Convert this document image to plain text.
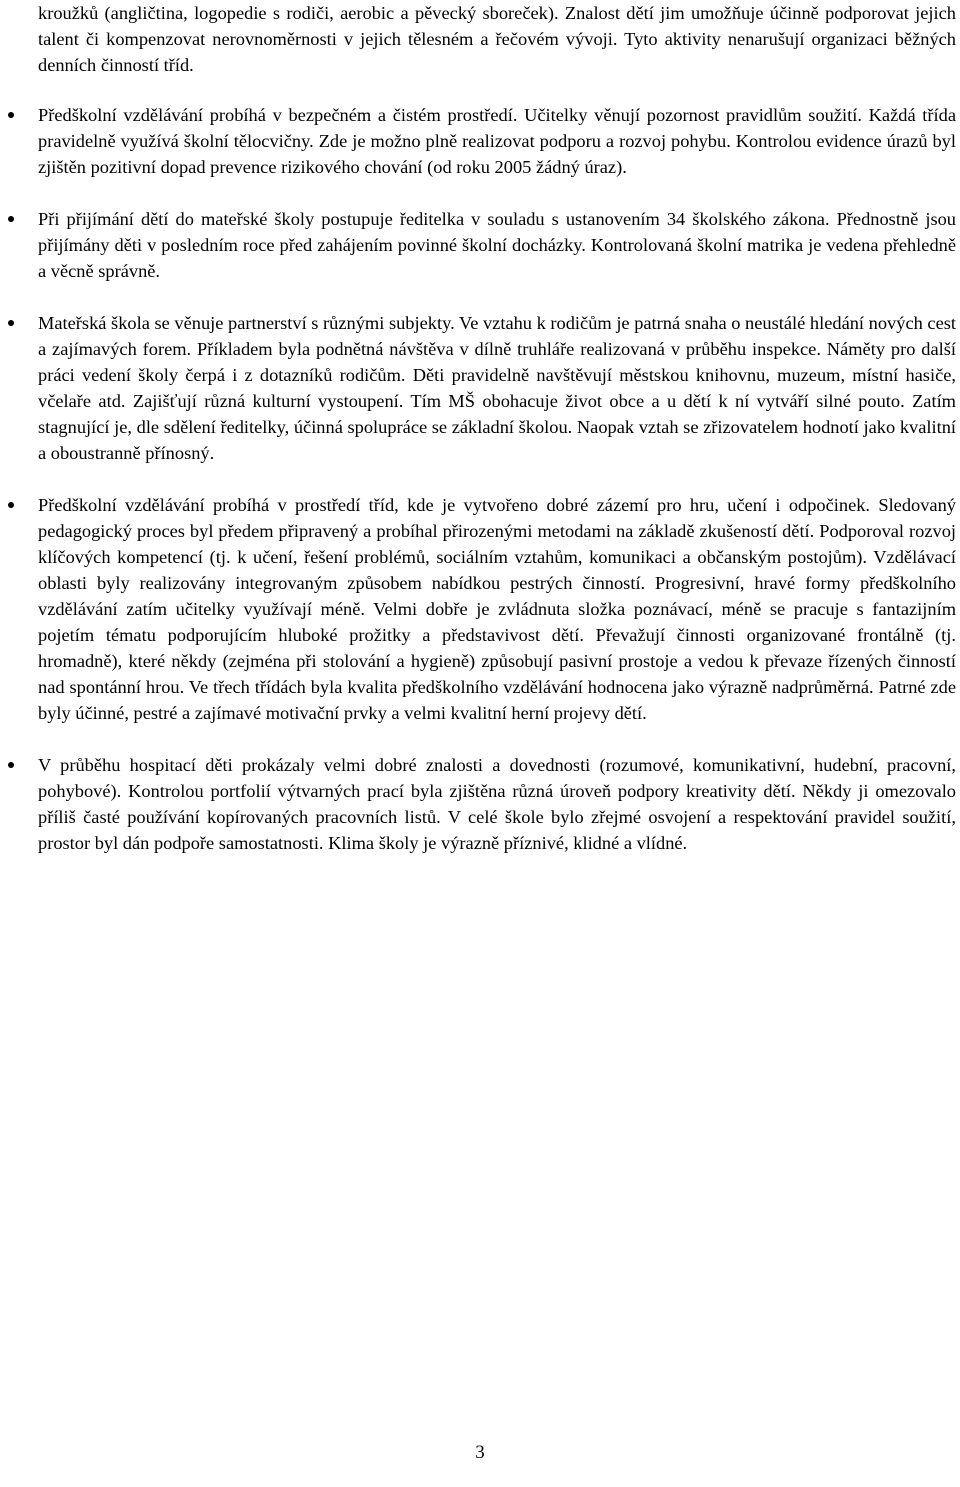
kroužků (angličtina, logopedie s rodiči, aerobic a pěvecký sboreček). Znalost dětí jim umožňuje účinně podporovat jejich talent či kompenzovat nerovnoměrnosti v jejich tělesném a řečovém vývoji. Tyto aktivity nenarušují organizaci běžných denních činností tříd.

Předškolní vzdělávání probíhá v bezpečném a čistém prostředí. Učitelky věnují pozornost pravidlům soužití. Každá třída pravidelně využívá školní tělocvičny. Zde je možno plně realizovat podporu a rozvoj pohybu. Kontrolou evidence úrazů byl zjištěn pozitivní dopad prevence rizikového chování (od roku 2005 žádný úraz).
Při přijímání dětí do mateřské školy postupuje ředitelka v souladu s ustanovením 34 školského zákona. Přednostně jsou přijímány děti v posledním roce před zahájením povinné školní docházky. Kontrolovaná školní matrika je vedena přehledně a věcně správně.
Mateřská škola se věnuje partnerství s různými subjekty. Ve vztahu k rodičům je patrná snaha o neustálé hledání nových cest a zajímavých forem. Příkladem byla podnětná návštěva v dílně truhláře realizovaná v průběhu inspekce. Náměty pro další práci vedení školy čerpá i z dotazníků rodičům. Děti pravidelně navštěvují městskou knihovnu, muzeum, místní hasiče, včelaře atd. Zajišťují různá kulturní vystoupení. Tím MŠ obohacuje život obce a u dětí k ní vytváří silné pouto. Zatím stagnující je, dle sdělení ředitelky, účinná spolupráce se základní školou. Naopak vztah se zřizovatelem hodnotí jako kvalitní a oboustranně přínosný.
Předškolní vzdělávání probíhá v prostředí tříd, kde je vytvořeno dobré zázemí pro hru, učení i odpočinek. Sledovaný pedagogický proces byl předem připravený a probíhal přirozenými metodami na základě zkušeností dětí. Podporoval rozvoj klíčových kompetencí (tj. k učení, řešení problémů, sociálním vztahům, komunikaci a občanským postojům). Vzdělávací oblasti byly realizovány integrovaným způsobem nabídkou pestrých činností. Progresivní, hravé formy předškolního vzdělávání zatím učitelky využívají méně. Velmi dobře je zvládnuta složka poznávací, méně se pracuje s fantazijním pojetím tématu podporujícím hluboké prožitky a představivost dětí. Převažují činnosti organizované frontálně (tj. hromadně), které někdy (zejména při stolování a hygieně) způsobují pasivní prostoje a vedou k převaze řízených činností nad spontánní hrou. Ve třech třídách byla kvalita předškolního vzdělávání hodnocena jako výrazně nadprůměrná. Patrné zde byly účinné, pestré a zajímavé motivační prvky a velmi kvalitní herní projevy dětí.
V průběhu hospitací děti prokázaly velmi dobré znalosti a dovednosti (rozumové, komunikativní, hudební, pracovní, pohybové). Kontrolou portfolií výtvarných prací byla zjištěna různá úroveň podpory kreativity dětí. Někdy ji omezovalo příliš časté používání kopírovaných pracovních listů. V celé škole bylo zřejmé osvojení a respektování pravidel soužití, prostor byl dán podpoře samostatnosti. Klima školy je výrazně příznivé, klidné a vlídné.
3
